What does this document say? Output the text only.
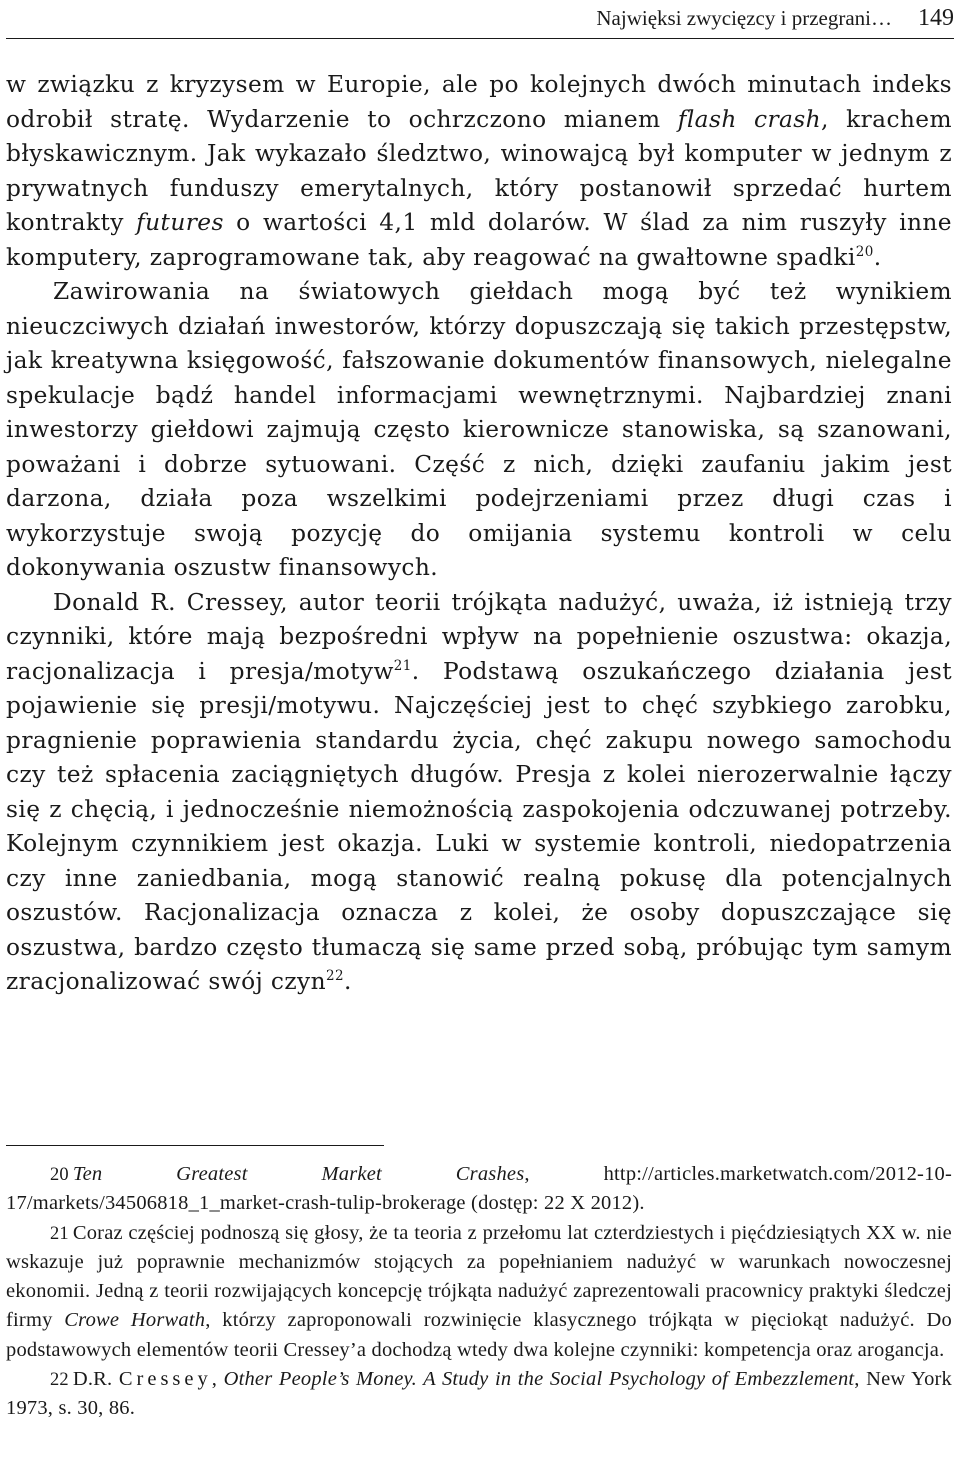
Najwięksi zwycięzcy i przegrani… 149

w związku z kryzysem w Europie, ale po kolejnych dwóch minutach indeks odrobił stratę. Wydarzenie to ochrzczono mianem flash crash, krachem błyskawicznym. Jak wykazało śledztwo, winowajcą był komputer w jednym z prywatnych funduszy emerytalnych, który postanowił sprzedać hurtem kontrakty futures o wartości 4,1 mld dolarów. W ślad za nim ruszyły inne komputery, zaprogramowane tak, aby reagować na gwałtowne spadki$^{20}$.

Zawirowania na światowych giełdach mogą być też wynikiem nieuczciwych działań inwestorów, którzy dopuszczają się takich przestępstw, jak kreatywna księgowość, fałszowanie dokumentów finansowych, nielegalne spekulacje bądź handel informacjami wewnętrznymi. Najbardziej znani inwestorzy giełdowi zajmują często kierownicze stanowiska, są szanowani, poważani i dobrze sytuowani. Część z nich, dzięki zaufaniu jakim jest darzona, działa poza wszelkimi podejrzeniami przez długi czas i wykorzystuje swoją pozycję do omijania systemu kontroli w celu dokonywania oszustw finansowych.

Donald R. Cressey, autor teorii trójkąta nadużyć, uważa, iż istnieją trzy czynniki, które mają bezpośredni wpływ na popełnienie oszustwa: okazja, racjonalizacja i presja/motyw$^{21}$. Podstawą oszukańczego działania jest pojawienie się presji/motywu. Najczęściej jest to chęć szybkiego zarobku, pragnienie poprawienia standardu życia, chęć zakupu nowego samochodu czy też spłacenia zaciągniętych długów. Presja z kolei nierozerwalnie łączy się z chęcią, i jednocześnie niemożnością zaspokojenia odczuwanej potrzeby. Kolejnym czynnikiem jest okazja. Luki w systemie kontroli, niedopatrzenia czy inne zaniedbania, mogą stanowić realną pokusę dla potencjalnych oszustów. Racjonalizacja oznacza z kolei, że osoby dopuszczające się oszustwa, bardzo często tłumaczą się same przed sobą, próbując tym samym zracjonalizować swój czyn$^{22}$.

20 Ten Greatest Market Crashes, http://articles.marketwatch.com/2012-10-17/markets/34506818_1_market-crash-tulip-brokerage (dostęp: 22 X 2012).

21 Coraz częściej podnoszą się głosy, że ta teoria z przełomu lat czterdziestych i pięćdziesiątych XX w. nie wskazuje już poprawnie mechanizmów stojących za popełnianiem nadużyć w warunkach nowoczesnej ekonomii. Jedną z teorii rozwijających koncepcję trójkąta nadużyć zaprezentowali pracownicy praktyki śledczej firmy Crowe Horwath, którzy zaproponowali rozwinięcie klasycznego trójkąta w pięciokąt nadużyć. Do podstawowych elementów teorii Cressey’a dochodzą wtedy dwa kolejne czynniki: kompetencja oraz arogancja.

22 D.R. Cressey, Other People’s Money. A Study in the Social Psychology of Embezzlement, New York 1973, s. 30, 86.
